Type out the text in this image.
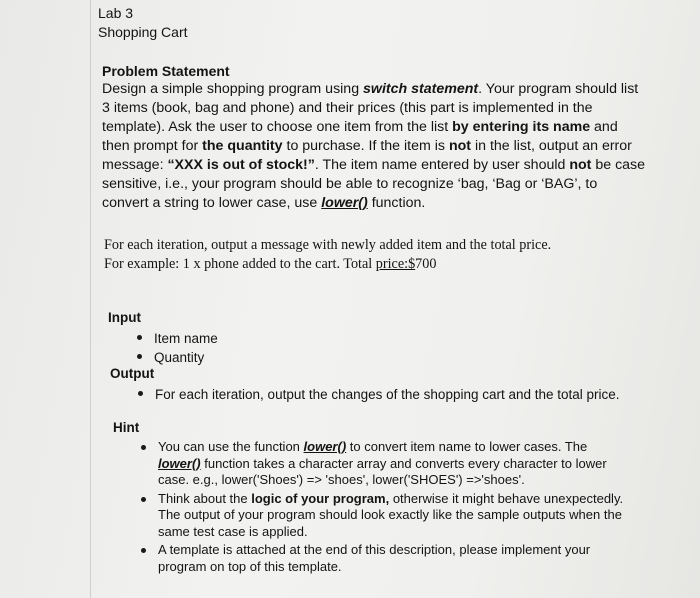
Lab 3
Shopping Cart
Problem Statement
Design a simple shopping program using switch statement. Your program should list 3 items (book, bag and phone) and their prices (this part is implemented in the template). Ask the user to choose one item from the list by entering its name and then prompt for the quantity to purchase. If the item is not in the list, output an error message: “XXX is out of stock!”. The item name entered by user should not be case sensitive, i.e., your program should be able to recognize ‘bag, ‘Bag or ‘BAG’, to convert a string to lower case, use lower() function.
For each iteration, output a message with newly added item and the total price.
For example: 1 x phone added to the cart. Total price:$700
Input
Item name
Quantity
Output
For each iteration, output the changes of the shopping cart and the total price.
Hint
You can use the function lower() to convert item name to lower cases. The lower() function takes a character array and converts every character to lower case. e.g., lower('Shoes') => 'shoes', lower('SHOES') =>'shoes'.
Think about the logic of your program, otherwise it might behave unexpectedly. The output of your program should look exactly like the sample outputs when the same test case is applied.
A template is attached at the end of this description, please implement your program on top of this template.
